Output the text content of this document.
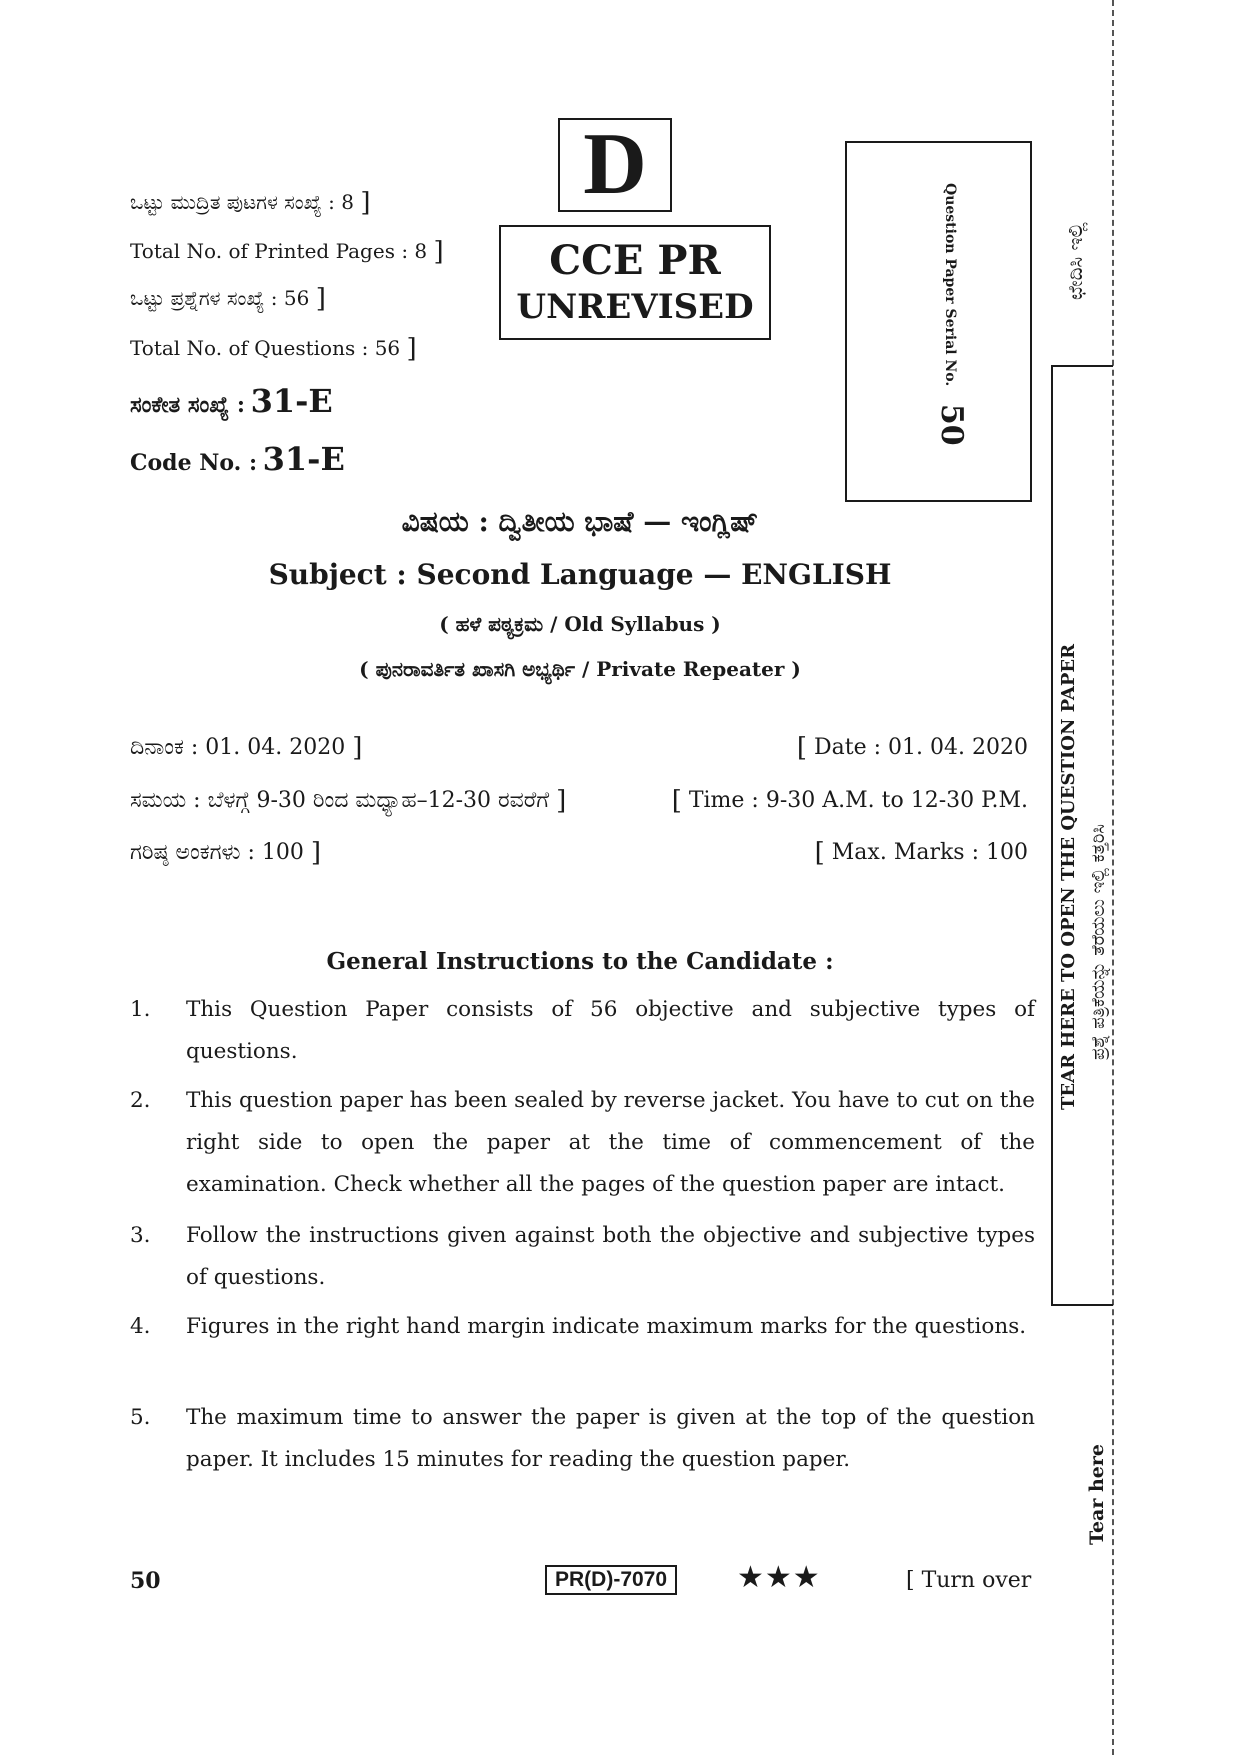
ಒಟ್ಟು ಮುದ್ರಿತ ಪುಟಗಳ ಸಂಖ್ಯೆ : 8 ]
Total No. of Printed Pages : 8 ]
ಒಟ್ಟು ಪ್ರಶ್ನೆಗಳ ಸಂಖ್ಯೆ : 56 ]
Total No. of Questions : 56 ]
ಸಂಕೇತ ಸಂಖ್ಯೆ : 31-E
Code No. : 31-E
D
CCE PR
UNREVISED	Question Paper Serial No. 50
ಛೇದಿಸಿ ಇಲ್ಲಿ
TEAR HERE TO OPEN THE QUESTION PAPER ಪ್ರಶ್ನೆ ಪತ್ರಿಕೆಯನ್ನು ತೆರೆಯಲು ಇಲ್ಲಿ ಕತ್ತರಿಸಿ
Tear here
ವಿಷಯ : ದ್ವಿತೀಯ ಭಾಷೆ — ಇಂಗ್ಲಿಷ್
Subject : Second Language — ENGLISH
( ಹಳೆ ಪಠ್ಯಕ್ರಮ / Old Syllabus )
( ಪುನರಾವರ್ತಿತ ಖಾಸಗಿ ಅಭ್ಯರ್ಥಿ / Private Repeater )
ದಿನಾಂಕ : 01. 04. 2020 ]	[ Date : 01. 04. 2020
ಸಮಯ : ಬೆಳಗ್ಗೆ 9-30 ರಿಂದ ಮಧ್ಯಾಹ–12-30 ರವರೆಗೆ ]	[ Time : 9-30 A.M. to 12-30 P.M.
ಗರಿಷ್ಠ ಅಂಕಗಳು : 100 ]	[ Max. Marks : 100
General Instructions to the Candidate :
1. This Question Paper consists of 56 objective and subjective types of questions.
2. This question paper has been sealed by reverse jacket. You have to cut on the right side to open the paper at the time of commencement of the examination. Check whether all the pages of the question paper are intact.
3. Follow the instructions given against both the objective and subjective types of questions.
4. Figures in the right hand margin indicate maximum marks for the questions.
5. The maximum time to answer the paper is given at the top of the question paper. It includes 15 minutes for reading the question paper.
50	PR(D)-7070	★★★	[ Turn over
